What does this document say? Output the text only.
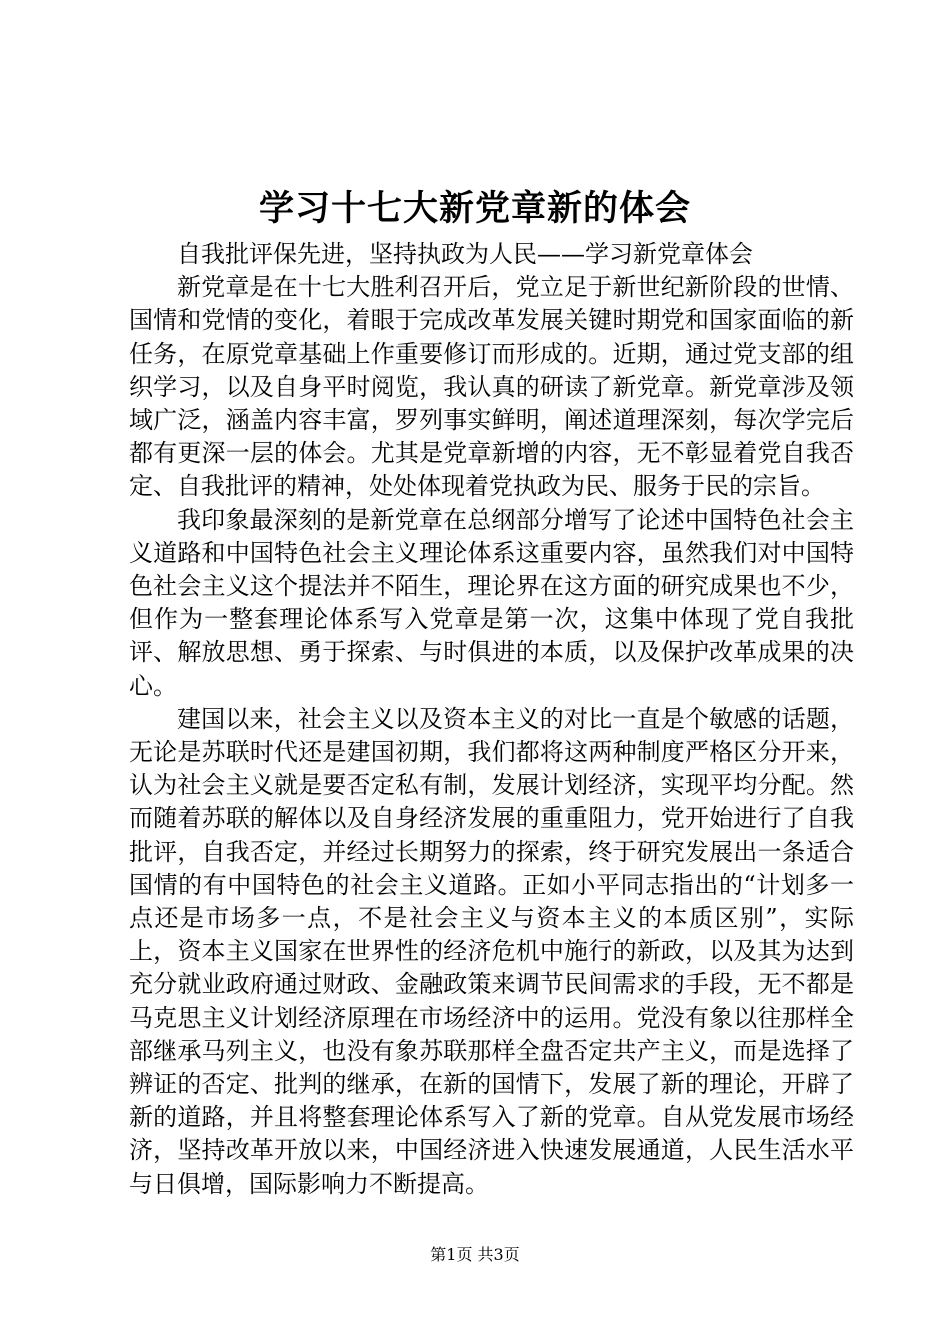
学习十七大新党章新的体会

自我批评保先进，坚持执政为人民——学习新党章体会

新党章是在十七大胜利召开后，党立足于新世纪新阶段的世情、国情和党情的变化，着眼于完成改革发展关键时期党和国家面临的新任务，在原党章基础上作重要修订而形成的。近期，通过党支部的组织学习，以及自身平时阅览，我认真的研读了新党章。新党章涉及领域广泛，涵盖内容丰富，罗列事实鲜明，阐述道理深刻，每次学完后都有更深一层的体会。尤其是党章新增的内容，无不彰显着党自我否定、自我批评的精神，处处体现着党执政为民、服务于民的宗旨。

我印象最深刻的是新党章在总纲部分增写了论述中国特色社会主义道路和中国特色社会主义理论体系这重要内容，虽然我们对中国特色社会主义这个提法并不陌生，理论界在这方面的研究成果也不少，但作为一整套理论体系写入党章是第一次，这集中体现了党自我批评、解放思想、勇于探索、与时俱进的本质，以及保护改革成果的决心。

建国以来，社会主义以及资本主义的对比一直是个敏感的话题，无论是苏联时代还是建国初期，我们都将这两种制度严格区分开来，认为社会主义就是要否定私有制，发展计划经济，实现平均分配。然而随着苏联的解体以及自身经济发展的重重阻力，党开始进行了自我批评，自我否定，并经过长期努力的探索，终于研究发展出一条适合国情的有中国特色的社会主义道路。正如小平同志指出的“计划多一点还是市场多一点，不是社会主义与资本主义的本质区别”，实际上，资本主义国家在世界性的经济危机中施行的新政，以及其为达到充分就业政府通过财政、金融政策来调节民间需求的手段，无不都是马克思主义计划经济原理在市场经济中的运用。党没有象以往那样全部继承马列主义，也没有象苏联那样全盘否定共产主义，而是选择了辨证的否定、批判的继承，在新的国情下，发展了新的理论，开辟了新的道路，并且将整套理论体系写入了新的党章。自从党发展市场经济，坚持改革开放以来，中国经济进入快速发展通道，人民生活水平与日俱增，国际影响力不断提高。

第1页 共3页
